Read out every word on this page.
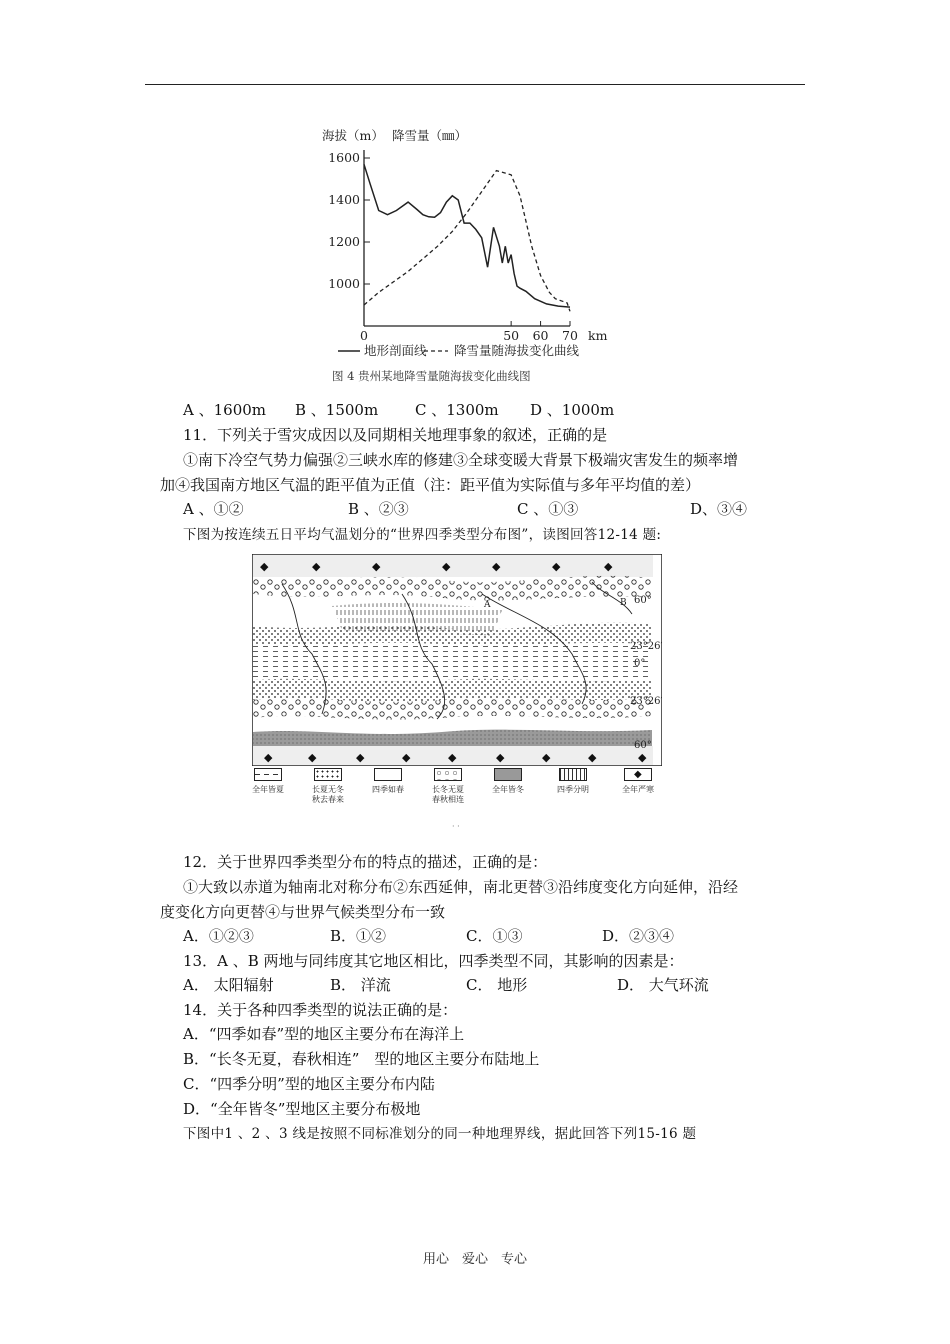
海拔（m） 降雪量（㎜）
1600
1400
1200
1000
0	50 60 70 km
地形剖面线 降雪量随海拔变化曲线
图 4 贵州某地降雪量随海拔变化曲线图
A 、1600m B 、1500m C 、1300m D 、1000m
11．下列关于雪灾成因以及同期相关地理事象的叙述，正确的是
①南下冷空气势力偏强②三峡水库的修建③全球变暖大背景下极端灾害发生的频率增
加④我国南方地区气温的距平值为正值（注：距平值为实际值与多年平均值的差）
A 、①②	B 、②③	C 、①③	D、③④
下图为按连续五日平均气温划分的“世界四季类型分布图”，读图回答12-14 题:
◆	◆	◆	◆	◆	◆	◆
◆	◆	◆	◆	◆	◆	◆	◆	◆
60°
23°26′
0°
23°26′
60°
B
A
全年皆夏	长夏无冬
秋去春来
四季如春	长冬无夏
春秋相连
全年皆冬	四季分明
◆
全年严寒
· ·
12．关于世界四季类型分布的特点的描述，正确的是：
①大致以赤道为轴南北对称分布②东西延伸，南北更替③沿纬度变化方向延伸，沿经
度变化方向更替④与世界气候类型分布一致
A．①②③	B．①②	C．①③	D．②③④
13．A 、B 两地与同纬度其它地区相比，四季类型不同，其影响的因素是：
A． 太阳辐射	B． 洋流	C． 地形	D． 大气环流
14．关于各种四季类型的说法正确的是：
A．“四季如春”型的地区主要分布在海洋上
B．“长冬无夏，春秋相连”　型的地区主要分布陆地上
C．“四季分明”型的地区主要分布内陆
D．“全年皆冬”型地区主要分布极地
下图中1 、2 、3 线是按照不同标准划分的同一种地理界线，据此回答下列15-16 题
用心　爱心　专心
